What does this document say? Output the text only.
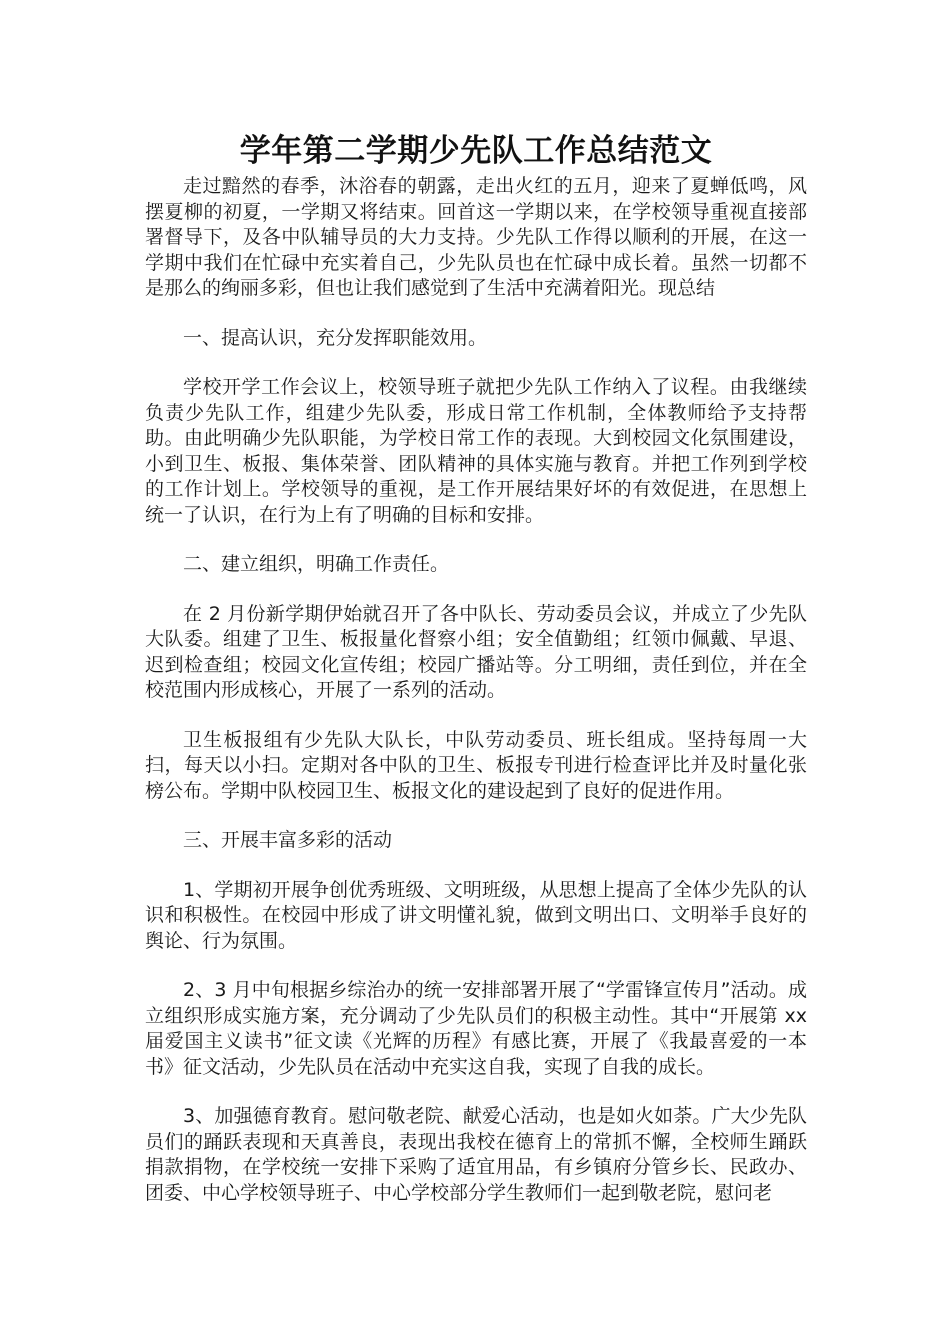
学年第二学期少先队工作总结范文

走过黯然的春季，沐浴春的朝露，走出火红的五月，迎来了夏蝉低鸣，风摆夏柳的初夏，一学期又将结束。回首这一学期以来，在学校领导重视直接部署督导下，及各中队辅导员的大力支持。少先队工作得以顺利的开展，在这一学期中我们在忙碌中充实着自己，少先队员也在忙碌中成长着。虽然一切都不是那么的绚丽多彩，但也让我们感觉到了生活中充满着阳光。现总结

一、提高认识，充分发挥职能效用。

学校开学工作会议上，校领导班子就把少先队工作纳入了议程。由我继续负责少先队工作，组建少先队委，形成日常工作机制，全体教师给予支持帮助。由此明确少先队职能，为学校日常工作的表现。大到校园文化氛围建设，小到卫生、板报、集体荣誉、团队精神的具体实施与教育。并把工作列到学校的工作计划上。学校领导的重视，是工作开展结果好坏的有效促进，在思想上统一了认识，在行为上有了明确的目标和安排。

二、建立组织，明确工作责任。

在 2 月份新学期伊始就召开了各中队长、劳动委员会议，并成立了少先队大队委。组建了卫生、板报量化督察小组；安全值勤组；红领巾佩戴、早退、迟到检查组；校园文化宣传组；校园广播站等。分工明细，责任到位，并在全校范围内形成核心，开展了一系列的活动。

卫生板报组有少先队大队长，中队劳动委员、班长组成。坚持每周一大扫，每天以小扫。定期对各中队的卫生、板报专刊进行检查评比并及时量化张榜公布。学期中队校园卫生、板报文化的建设起到了良好的促进作用。

三、开展丰富多彩的活动

1、学期初开展争创优秀班级、文明班级，从思想上提高了全体少先队的认识和积极性。在校园中形成了讲文明懂礼貌，做到文明出口、文明举手良好的舆论、行为氛围。

2、3 月中旬根据乡综治办的统一安排部署开展了“学雷锋宣传月”活动。成立组织形成实施方案，充分调动了少先队员们的积极主动性。其中“开展第 xx 届爱国主义读书”征文读《光辉的历程》有感比赛，开展了《我最喜爱的一本书》征文活动，少先队员在活动中充实这自我，实现了自我的成长。

3、加强德育教育。慰问敬老院、献爱心活动，也是如火如荼。广大少先队员们的踊跃表现和天真善良，表现出我校在德育上的常抓不懈，全校师生踊跃捐款捐物，在学校统一安排下采购了适宜用品，有乡镇府分管乡长、民政办、团委、中心学校领导班子、中心学校部分学生教师们一起到敬老院，慰问老
